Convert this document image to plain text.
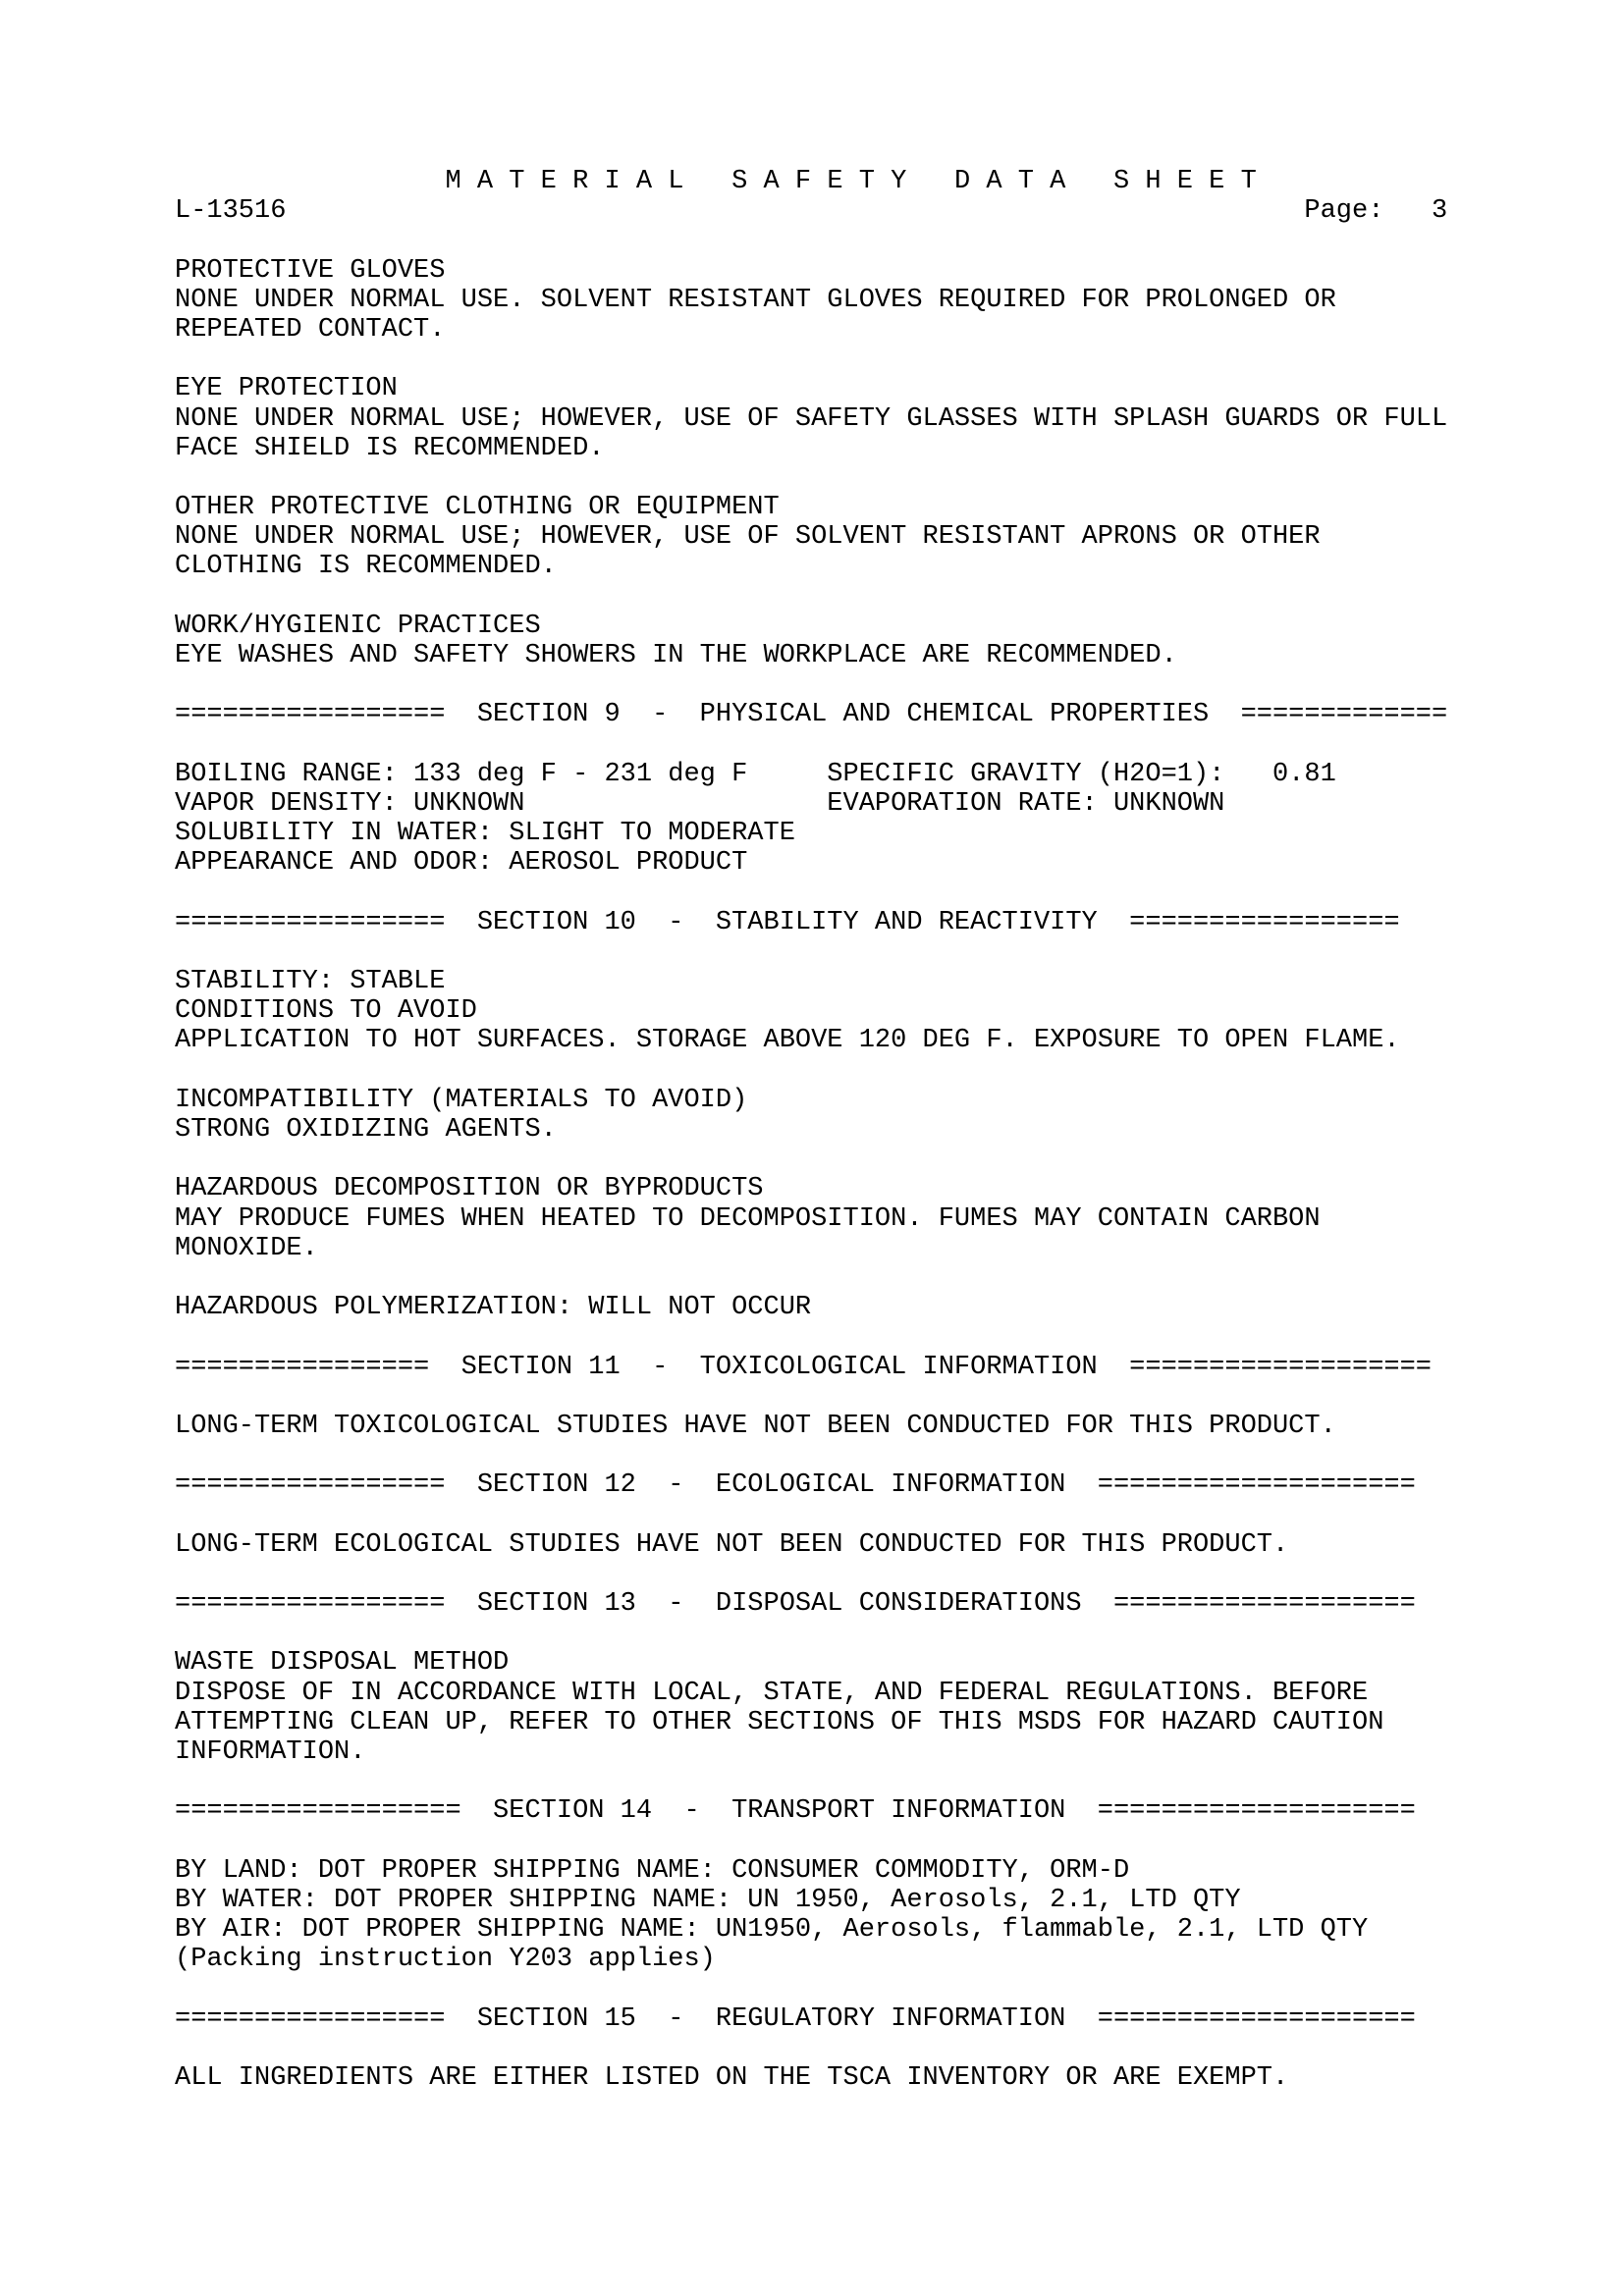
M A T E R I A L   S A F E T Y   D A T A   S H E E T
L-13516	Page: 3
PROTECTIVE GLOVES
NONE UNDER NORMAL USE. SOLVENT RESISTANT GLOVES REQUIRED FOR PROLONGED OR
REPEATED CONTACT.
EYE PROTECTION
NONE UNDER NORMAL USE; HOWEVER, USE OF SAFETY GLASSES WITH SPLASH GUARDS OR FULL
FACE SHIELD IS RECOMMENDED.
OTHER PROTECTIVE CLOTHING OR EQUIPMENT
NONE UNDER NORMAL USE; HOWEVER, USE OF SOLVENT RESISTANT APRONS OR OTHER
CLOTHING IS RECOMMENDED.
WORK/HYGIENIC PRACTICES
EYE WASHES AND SAFETY SHOWERS IN THE WORKPLACE ARE RECOMMENDED.
=================  SECTION 9  -  PHYSICAL AND CHEMICAL PROPERTIES  =============
BOILING RANGE: 133 deg F - 231 deg F     SPECIFIC GRAVITY (H2O=1):   0.81
VAPOR DENSITY: UNKNOWN                   EVAPORATION RATE: UNKNOWN
SOLUBILITY IN WATER: SLIGHT TO MODERATE
APPEARANCE AND ODOR: AEROSOL PRODUCT
=================  SECTION 10  -  STABILITY AND REACTIVITY  =================
STABILITY: STABLE
CONDITIONS TO AVOID
APPLICATION TO HOT SURFACES. STORAGE ABOVE 120 DEG F. EXPOSURE TO OPEN FLAME.
INCOMPATIBILITY (MATERIALS TO AVOID)
STRONG OXIDIZING AGENTS.
HAZARDOUS DECOMPOSITION OR BYPRODUCTS
MAY PRODUCE FUMES WHEN HEATED TO DECOMPOSITION. FUMES MAY CONTAIN CARBON
MONOXIDE.
HAZARDOUS POLYMERIZATION: WILL NOT OCCUR
================  SECTION 11  -  TOXICOLOGICAL INFORMATION  ===================
LONG-TERM TOXICOLOGICAL STUDIES HAVE NOT BEEN CONDUCTED FOR THIS PRODUCT.
=================  SECTION 12  -  ECOLOGICAL INFORMATION  ====================
LONG-TERM ECOLOGICAL STUDIES HAVE NOT BEEN CONDUCTED FOR THIS PRODUCT.
=================  SECTION 13  -  DISPOSAL CONSIDERATIONS  ===================
WASTE DISPOSAL METHOD
DISPOSE OF IN ACCORDANCE WITH LOCAL, STATE, AND FEDERAL REGULATIONS. BEFORE
ATTEMPTING CLEAN UP, REFER TO OTHER SECTIONS OF THIS MSDS FOR HAZARD CAUTION
INFORMATION.
==================  SECTION 14  -  TRANSPORT INFORMATION  ====================
BY LAND: DOT PROPER SHIPPING NAME: CONSUMER COMMODITY, ORM-D
BY WATER: DOT PROPER SHIPPING NAME: UN 1950, Aerosols, 2.1, LTD QTY
BY AIR: DOT PROPER SHIPPING NAME: UN1950, Aerosols, flammable, 2.1, LTD QTY
(Packing instruction Y203 applies)
=================  SECTION 15  -  REGULATORY INFORMATION  ====================
ALL INGREDIENTS ARE EITHER LISTED ON THE TSCA INVENTORY OR ARE EXEMPT.
